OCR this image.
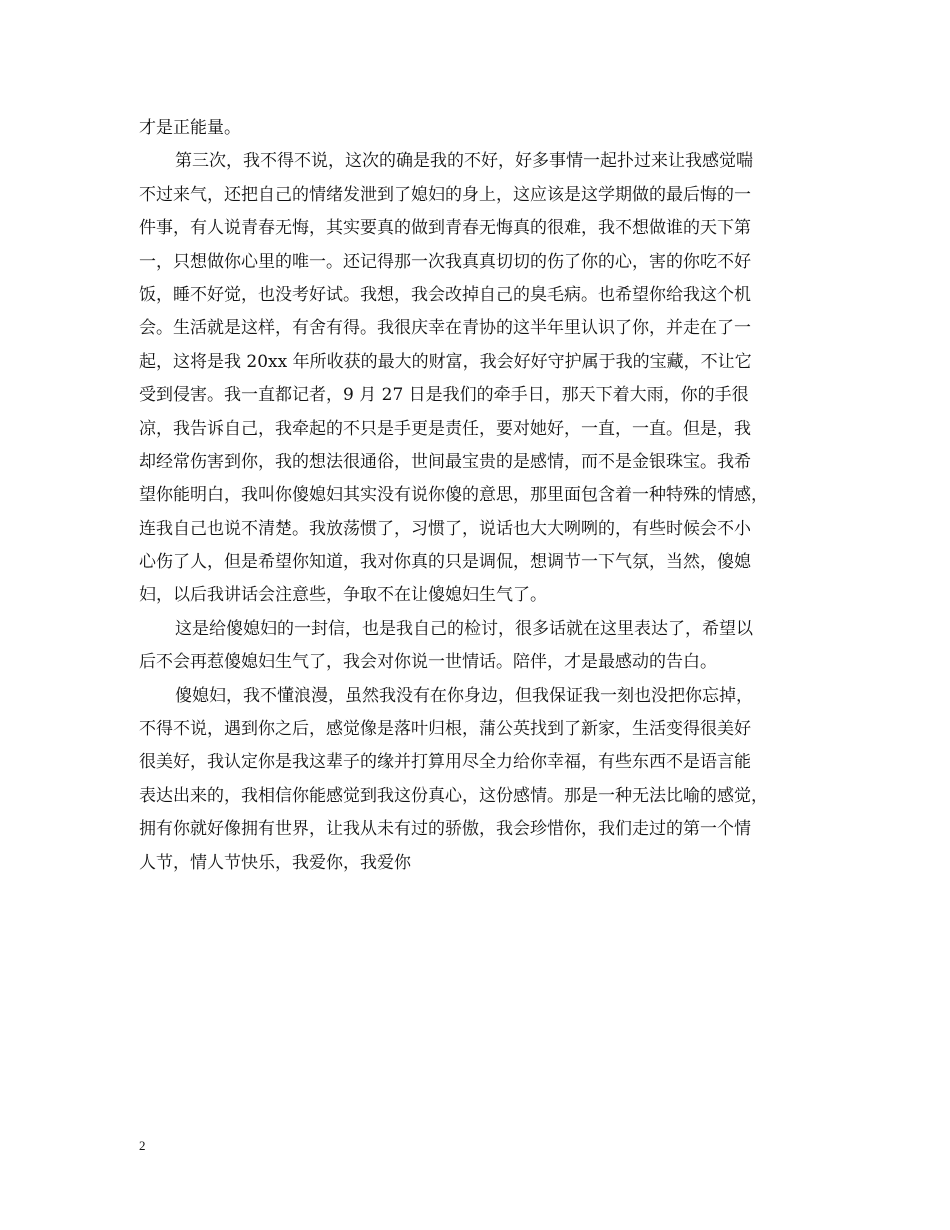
才是正能量。
第三次，我不得不说，这次的确是我的不好，好多事情一起扑过来让我感觉喘
不过来气，还把自己的情绪发泄到了媳妇的身上，这应该是这学期做的最后悔的一
件事，有人说青春无悔，其实要真的做到青春无悔真的很难，我不想做谁的天下第
一，只想做你心里的唯一。还记得那一次我真真切切的伤了你的心，害的你吃不好
饭，睡不好觉，也没考好试。我想，我会改掉自己的臭毛病。也希望你给我这个机
会。生活就是这样，有舍有得。我很庆幸在青协的这半年里认识了你，并走在了一
起，这将是我 20xx 年所收获的最大的财富，我会好好守护属于我的宝藏，不让它
受到侵害。我一直都记者，9 月 27 日是我们的牵手日，那天下着大雨，你的手很
凉，我告诉自己，我牵起的不只是手更是责任，要对她好，一直，一直。但是，我
却经常伤害到你，我的想法很通俗，世间最宝贵的是感情，而不是金银珠宝。我希
望你能明白，我叫你傻媳妇其实没有说你傻的意思，那里面包含着一种特殊的情感，
连我自己也说不清楚。我放荡惯了，习惯了，说话也大大咧咧的，有些时候会不小
心伤了人，但是希望你知道，我对你真的只是调侃，想调节一下气氛，当然，傻媳
妇，以后我讲话会注意些，争取不在让傻媳妇生气了。
这是给傻媳妇的一封信，也是我自己的检讨，很多话就在这里表达了，希望以
后不会再惹傻媳妇生气了，我会对你说一世情话。陪伴，才是最感动的告白。
傻媳妇，我不懂浪漫，虽然我没有在你身边，但我保证我一刻也没把你忘掉，
不得不说，遇到你之后，感觉像是落叶归根，蒲公英找到了新家，生活变得很美好
很美好，我认定你是我这辈子的缘并打算用尽全力给你幸福，有些东西不是语言能
表达出来的，我相信你能感觉到我这份真心，这份感情。那是一种无法比喻的感觉，
拥有你就好像拥有世界，让我从未有过的骄傲，我会珍惜你，我们走过的第一个情
人节，情人节快乐，我爱你，我爱你
2
